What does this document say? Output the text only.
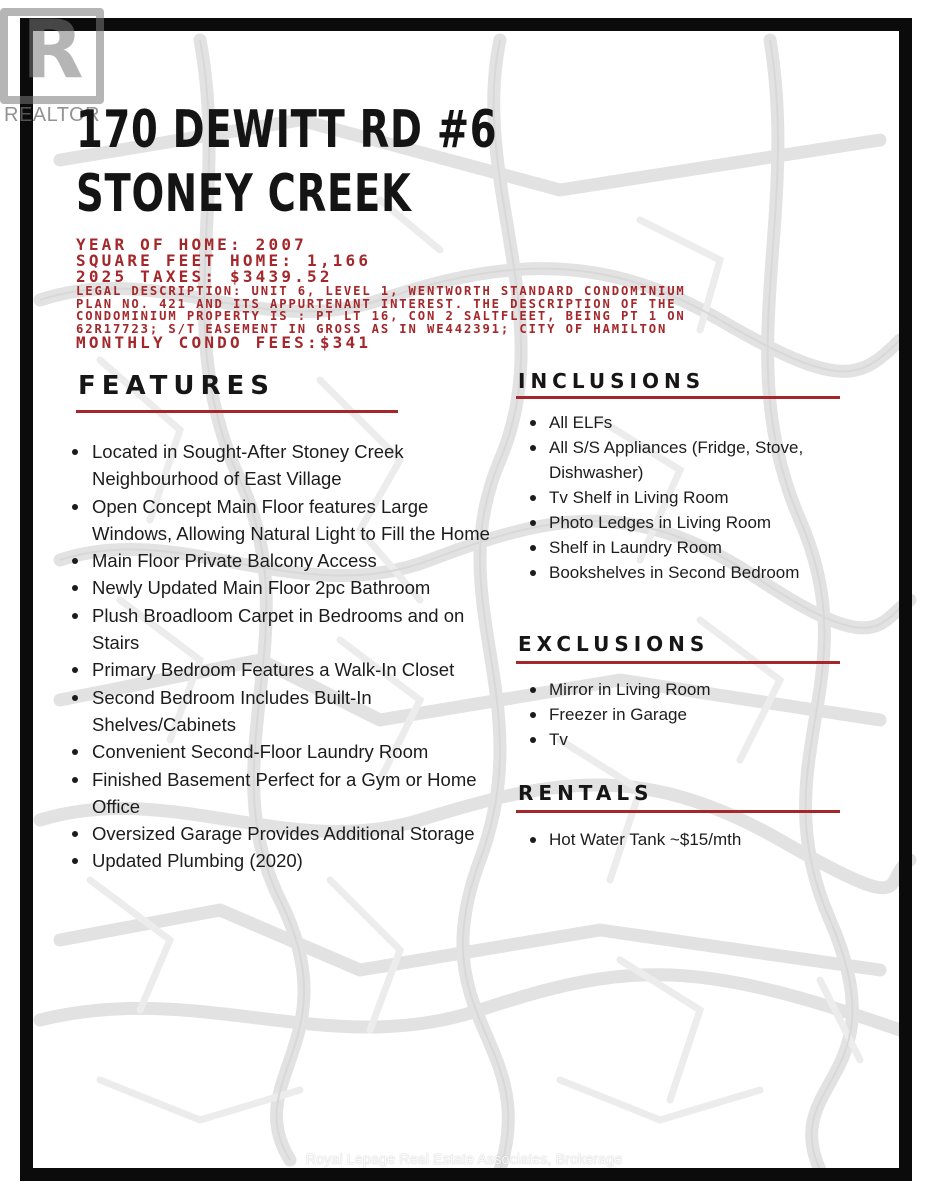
R
REALTOR
170 DEWITT RD #6
STONEY CREEK
YEAR OF HOME: 2007
SQUARE FEET HOME: 1,166
2025 TAXES: $3439.52
LEGAL DESCRIPTION: UNIT 6, LEVEL 1, WENTWORTH STANDARD CONDOMINIUM
PLAN NO. 421 AND ITS APPURTENANT INTEREST. THE DESCRIPTION OF THE
CONDOMINIUM PROPERTY IS : PT LT 16, CON 2 SALTFLEET, BEING PT 1 ON
62R17723; S/T EASEMENT IN GROSS AS IN WE442391; CITY OF HAMILTON
MONTHLY CONDO FEES:$341
FEATURES
Located in Sought-After Stoney Creek Neighbourhood of East Village
Open Concept Main Floor features Large Windows, Allowing Natural Light to Fill the Home
Main Floor Private Balcony Access
Newly Updated Main Floor 2pc Bathroom
Plush Broadloom Carpet in Bedrooms and on Stairs
Primary Bedroom Features a Walk-In Closet
Second Bedroom Includes Built-In Shelves/Cabinets
Convenient Second-Floor Laundry Room
Finished Basement Perfect for a Gym or Home Office
Oversized Garage Provides Additional Storage
Updated Plumbing (2020)
INCLUSIONS
All ELFs
All S/S Appliances (Fridge, Stove, Dishwasher)
Tv Shelf in Living Room
Photo Ledges in Living Room
Shelf in Laundry Room
Bookshelves in Second Bedroom
EXCLUSIONS
Mirror in Living Room
Freezer in Garage
Tv
RENTALS
Hot Water Tank ~$15/mth
Royal Lepage Real Estate Associates, Brokerage
